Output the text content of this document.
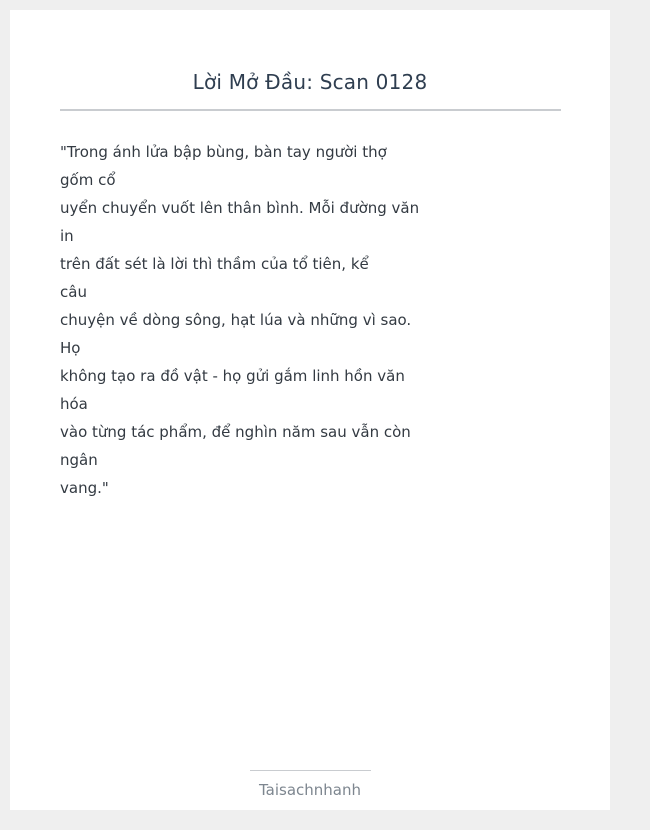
Lời Mở Đầu: Scan 0128
"Trong ánh lửa bập bùng, bàn tay người thợ
gốm cổ
uyển chuyển vuốt lên thân bình. Mỗi đường văn
in
trên đất sét là lời thì thầm của tổ tiên, kể
câu
chuyện về dòng sông, hạt lúa và những vì sao.
Họ
không tạo ra đồ vật - họ gửi gắm linh hồn văn
hóa
vào từng tác phẩm, để nghìn năm sau vẫn còn
ngân
vang."
Taisachnhanh
